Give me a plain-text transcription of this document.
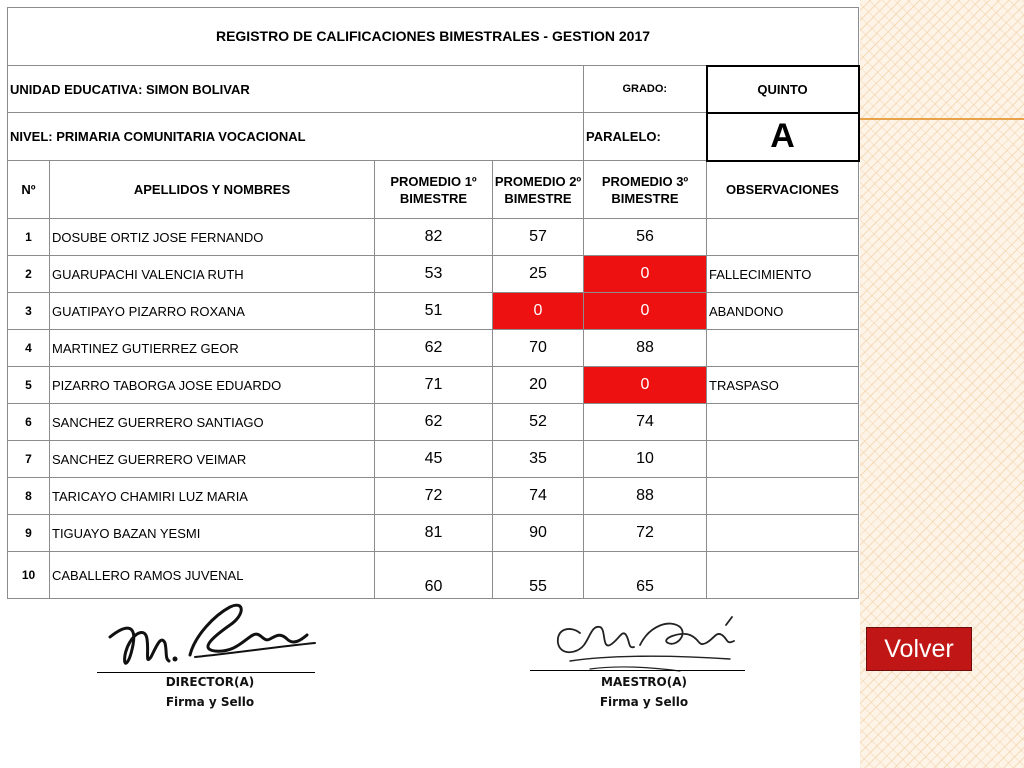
REGISTRO DE CALIFICACIONES BIMESTRALES - GESTION 2017					
UNIDAD EDUCATIVA: SIMON BOLIVAR				GRADO:	QUINTO
NIVEL: PRIMARIA COMUNITARIA VOCACIONAL				PARALELO:	A
Nº	APELLIDOS Y NOMBRES	PROMEDIO 1º BIMESTRE	PROMEDIO 2º BIMESTRE	PROMEDIO 3º BIMESTRE	OBSERVACIONES
1	DOSUBE ORTIZ JOSE FERNANDO	82	57	56	
2	GUARUPACHI VALENCIA RUTH	53	25	0	FALLECIMIENTO
3	GUATIPAYO PIZARRO ROXANA	51	0	0	ABANDONO
4	MARTINEZ GUTIERREZ GEOR	62	70	88	
5	PIZARRO TABORGA JOSE EDUARDO	71	20	0	TRASPASO
6	SANCHEZ GUERRERO SANTIAGO	62	52	74	
7	SANCHEZ GUERRERO VEIMAR	45	35	10	
8	TARICAYO CHAMIRI LUZ MARIA	72	74	88	
9	TIGUAYO BAZAN YESMI	81	90	72	
10	CABALLERO RAMOS JUVENAL	60	55	65	
DIRECTOR(A)
Firma y Sello
MAESTRO(A)
Firma y Sello
Volver
